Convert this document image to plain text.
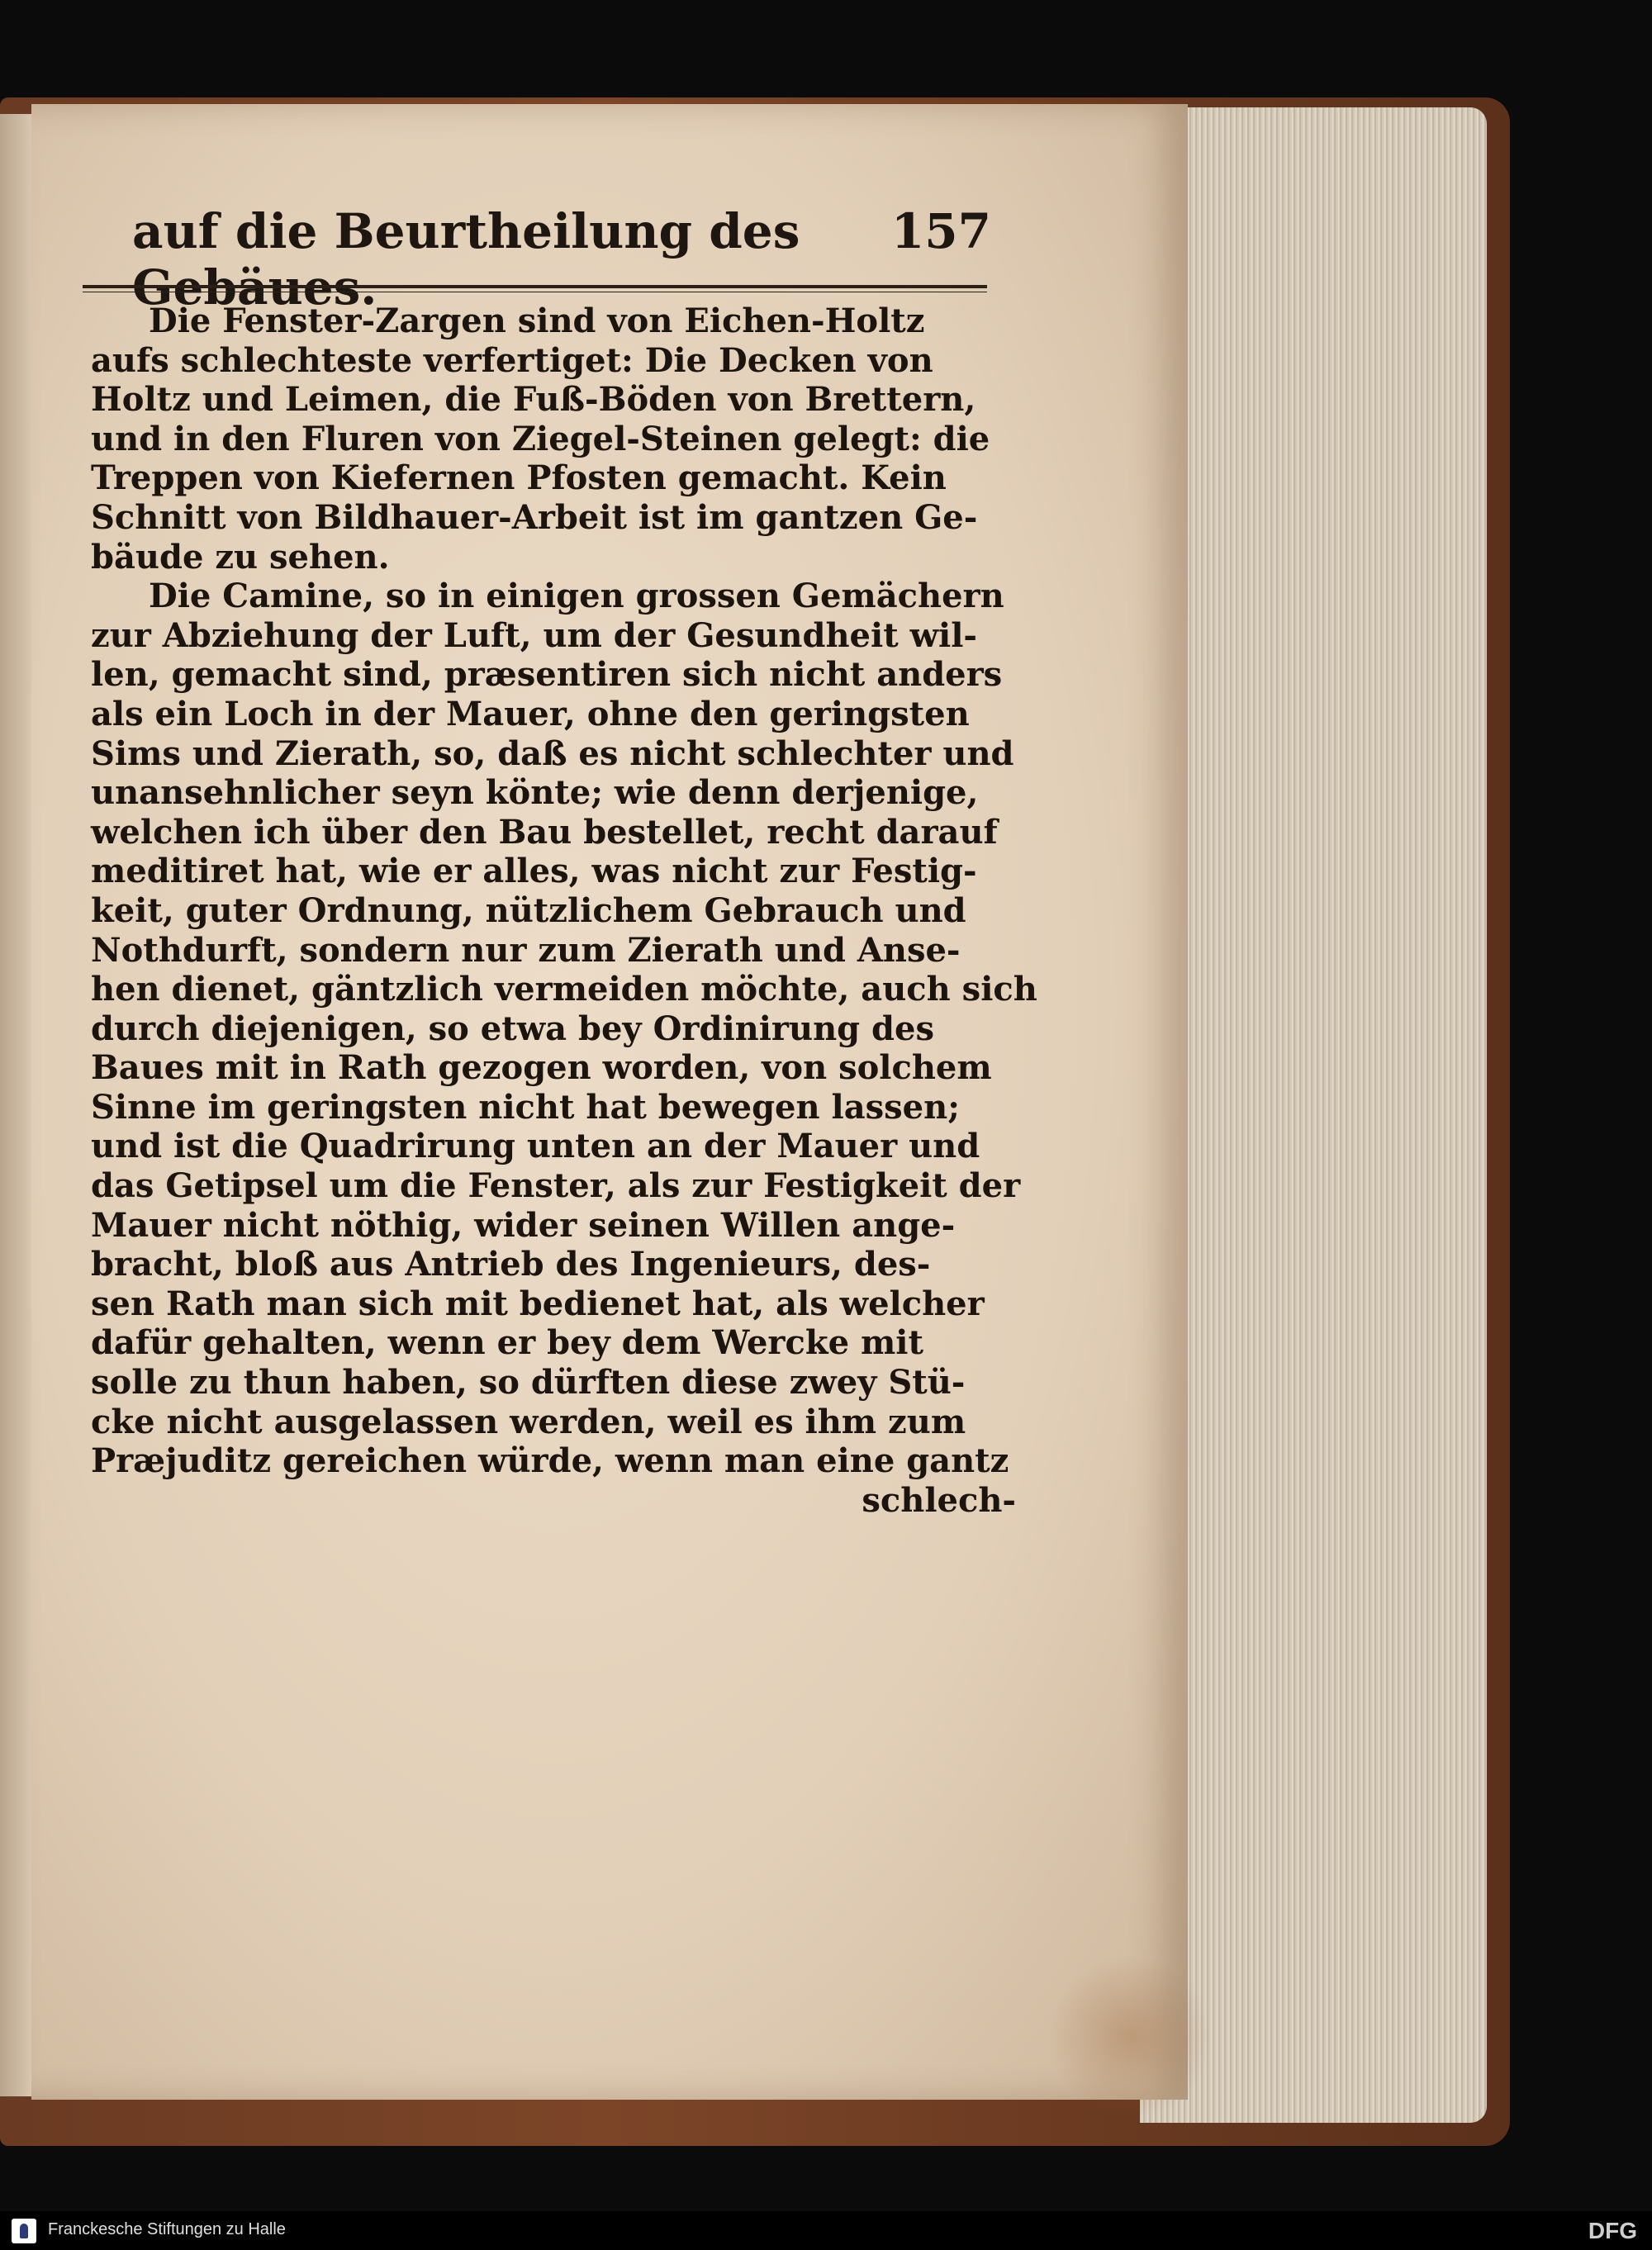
auf die Beurtheilung des Gebäues.
157
Die Fenster-Zargen sind von Eichen-Holtz
aufs schlechteste verfertiget: Die Decken von
Holtz und Leimen, die Fuß-Böden von Brettern,
und in den Fluren von Ziegel-Steinen gelegt: die
Treppen von Kiefernen Pfosten gemacht. Kein
Schnitt von Bildhauer-Arbeit ist im gantzen Ge-
bäude zu sehen.
Die Camine, so in einigen grossen Gemächern
zur Abziehung der Luft, um der Gesundheit wil-
len, gemacht sind, præsentiren sich nicht anders
als ein Loch in der Mauer, ohne den geringsten
Sims und Zierath, so, daß es nicht schlechter und
unansehnlicher seyn könte; wie denn derjenige,
welchen ich über den Bau bestellet, recht darauf
meditiret hat, wie er alles, was nicht zur Festig-
keit, guter Ordnung, nützlichem Gebrauch und
Nothdurft, sondern nur zum Zierath und Anse-
hen dienet, gäntzlich vermeiden möchte, auch sich
durch diejenigen, so etwa bey Ordinirung des
Baues mit in Rath gezogen worden, von solchem
Sinne im geringsten nicht hat bewegen lassen;
und ist die Quadrirung unten an der Mauer und
das Getipsel um die Fenster, als zur Festigkeit der
Mauer nicht nöthig, wider seinen Willen ange-
bracht, bloß aus Antrieb des Ingenieurs, des-
sen Rath man sich mit bedienet hat, als welcher
dafür gehalten, wenn er bey dem Wercke mit
solle zu thun haben, so dürften diese zwey Stü-
cke nicht ausgelassen werden, weil es ihm zum
Præjuditz gereichen würde, wenn man eine gantz
schlech-
Franckesche Stiftungen zu Halle	DFG
